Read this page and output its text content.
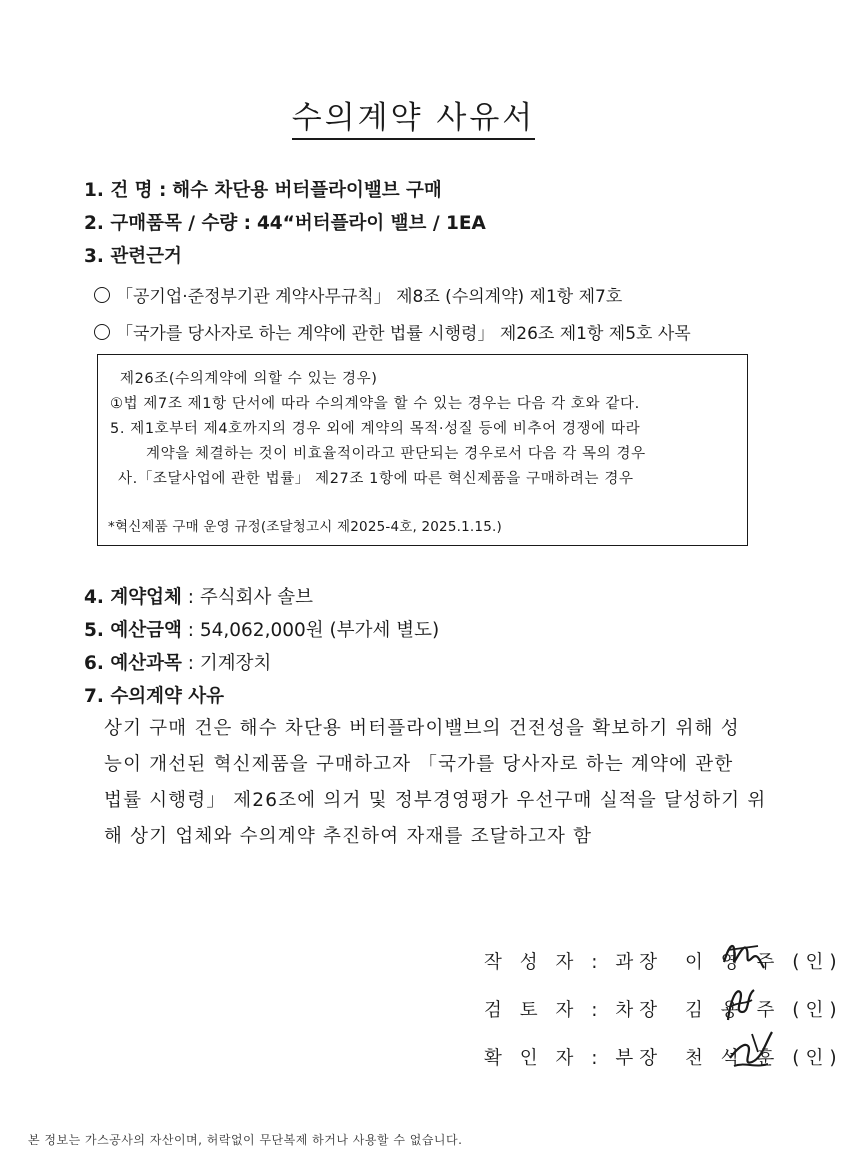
수의계약 사유서
1. 건 명 : 해수 차단용 버터플라이밸브 구매
2. 구매품목 / 수량 : 44“버터플라이 밸브 / 1EA
3. 관련근거
「공기업·준정부기관 계약사무규칙」 제8조 (수의계약) 제1항 제7호
「국가를 당사자로 하는 계약에 관한 법률 시행령」 제26조 제1항 제5호 사목
제26조(수의계약에 의할 수 있는 경우)
①법 제7조 제1항 단서에 따라 수의계약을 할 수 있는 경우는 다음 각 호와 같다.
5. 제1호부터 제4호까지의 경우 외에 계약의 목적·성질 등에 비추어 경쟁에 따라
계약을 체결하는 것이 비효율적이라고 판단되는 경우로서 다음 각 목의 경우
사.「조달사업에 관한 법률」 제27조 1항에 따른 혁신제품을 구매하려는 경우
*혁신제품 구매 운영 규정(조달청고시 제2025-4호, 2025.1.15.)
4. 계약업체 : 주식회사 솔브
5. 예산금액 : 54,062,000원 (부가세 별도)
6. 예산과목 : 기계장치
7. 수의계약 사유
상기 구매 건은 해수 차단용 버터플라이밸브의 건전성을 확보하기 위해 성
능이 개선된 혁신제품을 구매하고자 「국가를 당사자로 하는 계약에 관한
법률 시행령」 제26조에 의거 및 정부경영평가 우선구매 실적을 달성하기 위
해 상기 업체와 수의계약 추진하여 자재를 조달하고자 함
작 성 자 : 과장 이 영 주 (인)
검 토 자 : 차장 김 용 주 (인)
확 인 자 : 부장 천 석 훈 (인)
본 정보는 가스공사의 자산이며, 허락없이 무단복제 하거나 사용할 수 없습니다.
